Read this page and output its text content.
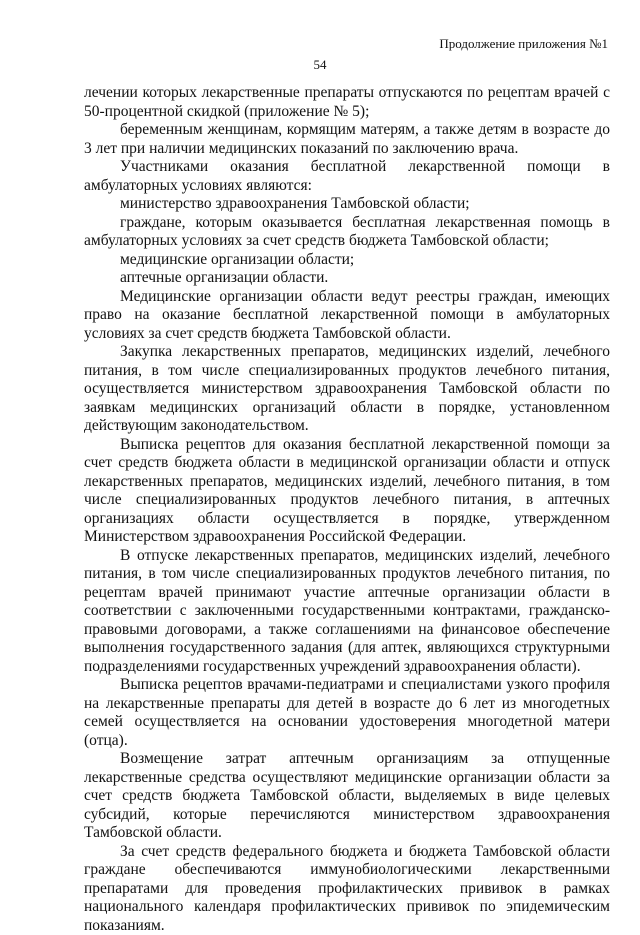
Продолжение приложения №1
54

лечении которых лекарственные препараты отпускаются по рецептам врачей с 50-процентной скидкой (приложение № 5);

беременным женщинам, кормящим матерям, а также детям в возрасте до 3 лет при наличии медицинских показаний по заключению врача.

Участниками оказания бесплатной лекарственной помощи в амбулаторных условиях являются:

министерство здравоохранения Тамбовской области;

граждане, которым оказывается бесплатная лекарственная помощь в амбулаторных условиях за счет средств бюджета Тамбовской области;

медицинские организации области;

аптечные организации области.

Медицинские организации области ведут реестры граждан, имеющих право на оказание бесплатной лекарственной помощи в амбулаторных условиях за счет средств бюджета Тамбовской области.

Закупка лекарственных препаратов, медицинских изделий, лечебного питания, в том числе специализированных продуктов лечебного питания, осуществляется министерством здравоохранения Тамбовской области по заявкам медицинских организаций области в порядке, установленном действующим законодательством.

Выписка рецептов для оказания бесплатной лекарственной помощи за счет средств бюджета области в медицинской организации области и отпуск лекарственных препаратов, медицинских изделий, лечебного питания, в том числе специализированных продуктов лечебного питания, в аптечных организациях области осуществляется в порядке, утвержденном Министерством здравоохранения Российской Федерации.

В отпуске лекарственных препаратов, медицинских изделий, лечебного питания, в том числе специализированных продуктов лечебного питания, по рецептам врачей принимают участие аптечные организации области в соответствии с заключенными государственными контрактами, гражданско-правовыми договорами, а также соглашениями на финансовое обеспечение выполнения государственного задания (для аптек, являющихся структурными подразделениями государственных учреждений здравоохранения области).

Выписка рецептов врачами-педиатрами и специалистами узкого профиля на лекарственные препараты для детей в возрасте до 6 лет из многодетных семей осуществляется на основании удостоверения многодетной матери (отца).

Возмещение затрат аптечным организациям за отпущенные лекарственные средства осуществляют медицинские организации области за счет средств бюджета Тамбовской области, выделяемых в виде целевых субсидий, которые перечисляются министерством здравоохранения Тамбовской области.

За счет средств федерального бюджета и бюджета Тамбовской области граждане обеспечиваются иммунобиологическими лекарственными препаратами для проведения профилактических прививок в рамках национального календаря профилактических прививок по эпидемическим показаниям.
